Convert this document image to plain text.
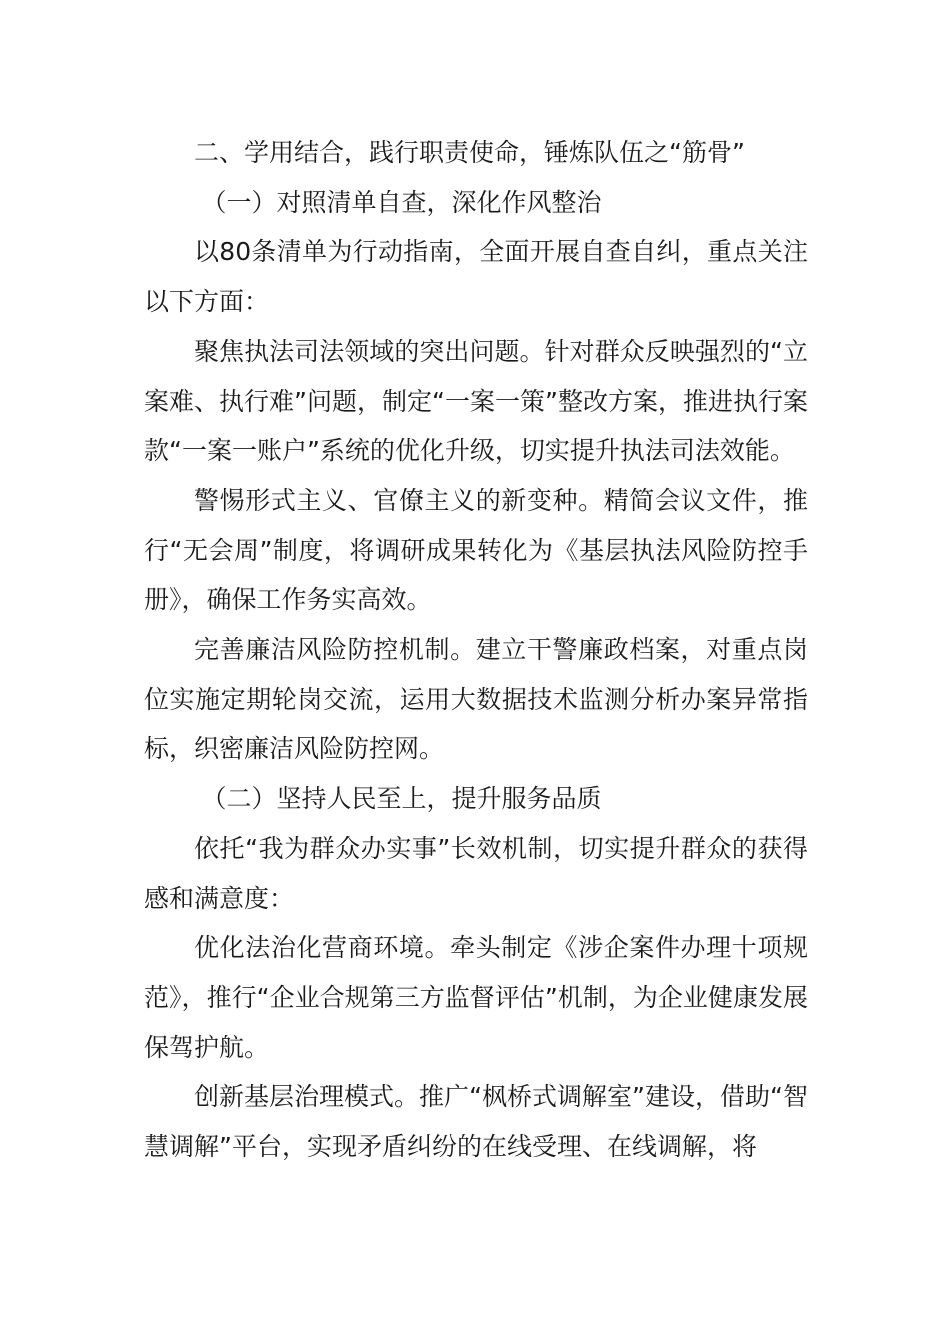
二、学用结合，践行职责使命，锤炼队伍之“筋骨”

（一）对照清单自查，深化作风整治

以80条清单为行动指南，全面开展自查自纠，重点关注以下方面：

聚焦执法司法领域的突出问题。针对群众反映强烈的“立案难、执行难”问题，制定“一案一策”整改方案，推进执行案款“一案一账户”系统的优化升级，切实提升执法司法效能。

警惕形式主义、官僚主义的新变种。精简会议文件，推行“无会周”制度，将调研成果转化为《基层执法风险防控手册》，确保工作务实高效。

完善廉洁风险防控机制。建立干警廉政档案，对重点岗位实施定期轮岗交流，运用大数据技术监测分析办案异常指标，织密廉洁风险防控网。

（二）坚持人民至上，提升服务品质

依托“我为群众办实事”长效机制，切实提升群众的获得感和满意度：

优化法治化营商环境。牵头制定《涉企案件办理十项规范》，推行“企业合规第三方监督评估”机制，为企业健康发展保驾护航。

创新基层治理模式。推广“枫桥式调解室”建设，借助“智慧调解”平台，实现矛盾纠纷的在线受理、在线调解，将
